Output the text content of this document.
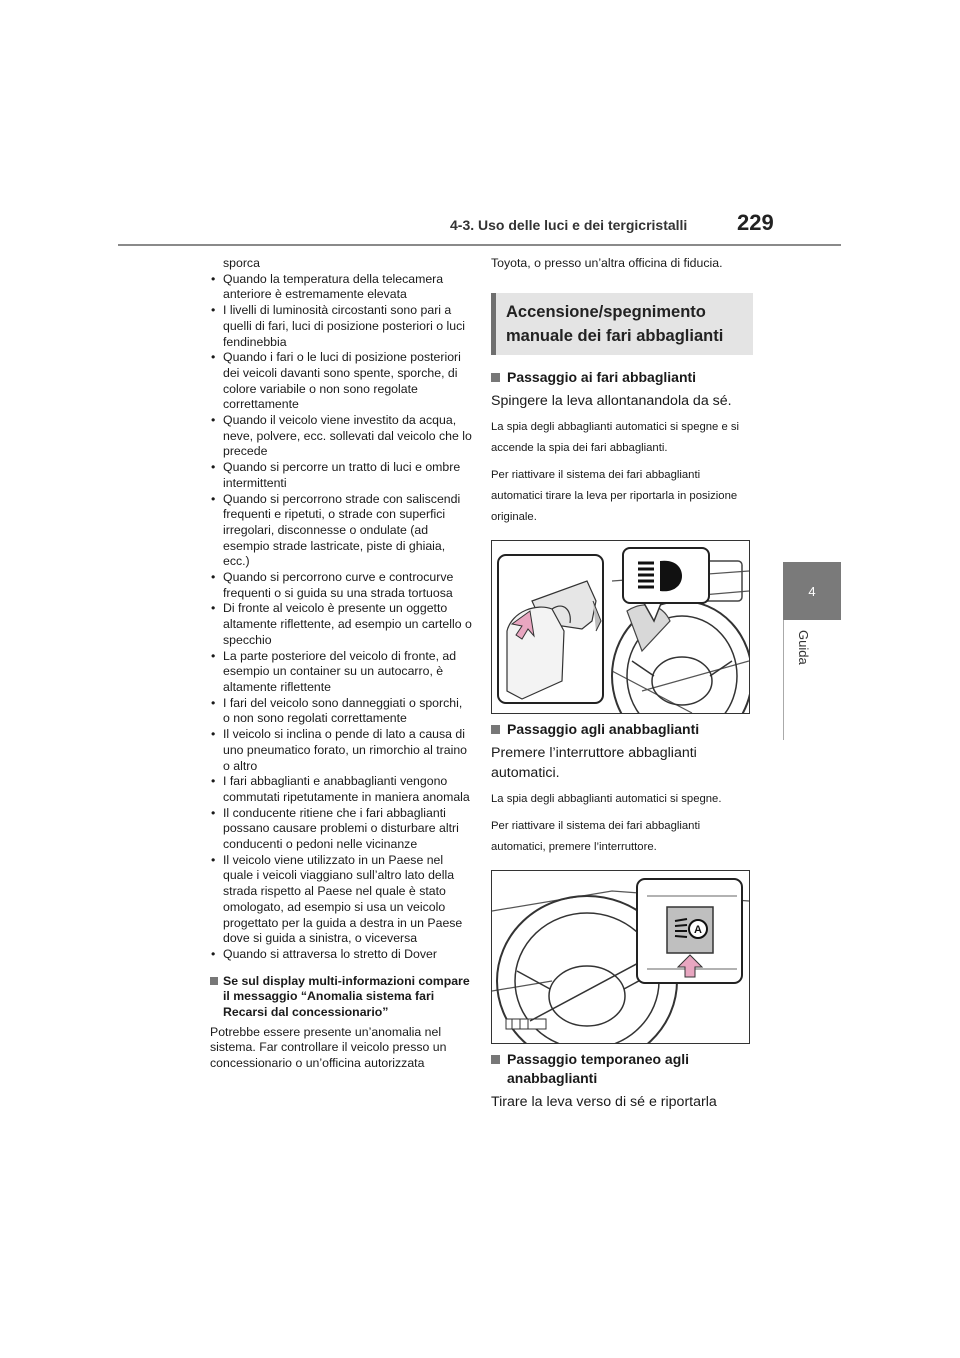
4-3. Uso delle luci e dei tergicristalli 229
4
Guida
sporca
• Quando la temperatura della telecamera anteriore è estremamente elevata
• I livelli di luminosità circostanti sono pari a quelli di fari, luci di posizione posteriori o luci fendinebbia
• Quando i fari o le luci di posizione posteriori dei veicoli davanti sono spente, sporche, di colore variabile o non sono regolate correttamente
• Quando il veicolo viene investito da acqua, neve, polvere, ecc. sollevati dal veicolo che lo precede
• Quando si percorre un tratto di luci e ombre intermittenti
• Quando si percorrono strade con saliscendi frequenti e ripetuti, o strade con superfici irregolari, disconnesse o ondulate (ad esempio strade lastricate, piste di ghiaia, ecc.)
• Quando si percorrono curve e controcurve frequenti o si guida su una strada tortuosa
• Di fronte al veicolo è presente un oggetto altamente riflettente, ad esempio un cartello o specchio
• La parte posteriore del veicolo di fronte, ad esempio un container su un autocarro, è altamente riflettente
• I fari del veicolo sono danneggiati o sporchi, o non sono regolati correttamente
• Il veicolo si inclina o pende di lato a causa di uno pneumatico forato, un rimorchio al traino o altro
• I fari abbaglianti e anabbaglianti vengono commutati ripetutamente in maniera anomala
• Il conducente ritiene che i fari abbaglianti possano causare problemi o disturbare altri conducenti o pedoni nelle vicinanze
• Il veicolo viene utilizzato in un Paese nel quale i veicoli viaggiano sull’altro lato della strada rispetto al Paese nel quale è stato omologato, ad esempio si usa un veicolo progettato per la guida a destra in un Paese dove si guida a sinistra, o viceversa
• Quando si attraversa lo stretto di Dover
Se sul display multi-informazioni compare il messaggio “Anomalia sistema fari Recarsi dal concessionario”
Potrebbe essere presente un’anomalia nel sistema. Far controllare il veicolo presso un concessionario o un’officina autorizzata
Toyota, o presso un’altra officina di fiducia.
Accensione/spegnimento manuale dei fari abbaglianti
Passaggio ai fari abbaglianti
Spingere la leva allontanandola da sé.
La spia degli abbaglianti automatici si spegne e si accende la spia dei fari abbaglianti.
Per riattivare il sistema dei fari abbaglianti automatici tirare la leva per riportarla in posizione originale.
Passaggio agli anabbaglianti
Premere l’interruttore abbaglianti automatici.
La spia degli abbaglianti automatici si spegne.
Per riattivare il sistema dei fari abbaglianti automatici, premere l’interruttore.
A
Passaggio temporaneo agli anabbaglianti
Tirare la leva verso di sé e riportarla
